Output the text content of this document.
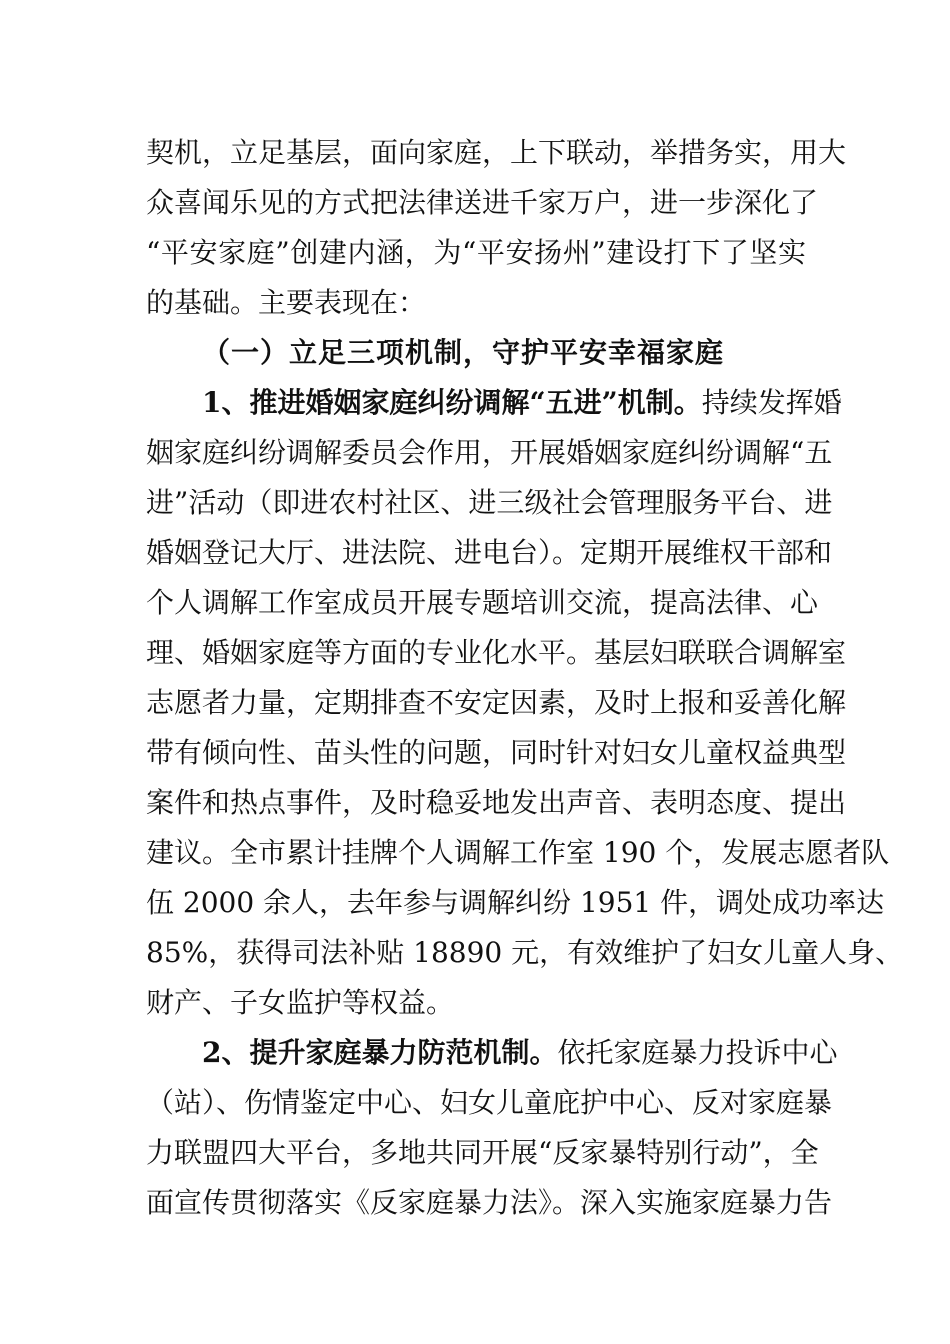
契机，立足基层，面向家庭，上下联动，举措务实，用大
众喜闻乐见的方式把法律送进千家万户，进一步深化了
“平安家庭”创建内涵，为“平安扬州”建设打下了坚实
的基础。主要表现在：
（一）立足三项机制，守护平安幸福家庭
1、推进婚姻家庭纠纷调解“五进”机制。持续发挥婚
姻家庭纠纷调解委员会作用，开展婚姻家庭纠纷调解“五
进”活动（即进农村社区、进三级社会管理服务平台、进
婚姻登记大厅、进法院、进电台）。定期开展维权干部和
个人调解工作室成员开展专题培训交流，提高法律、心
理、婚姻家庭等方面的专业化水平。基层妇联联合调解室
志愿者力量，定期排查不安定因素，及时上报和妥善化解
带有倾向性、苗头性的问题，同时针对妇女儿童权益典型
案件和热点事件，及时稳妥地发出声音、表明态度、提出
建议。全市累计挂牌个人调解工作室 190 个，发展志愿者队
伍 2000 余人，去年参与调解纠纷 1951 件，调处成功率达
85%，获得司法补贴 18890 元，有效维护了妇女儿童人身、
财产、子女监护等权益。
2、提升家庭暴力防范机制。依托家庭暴力投诉中心
（站）、伤情鉴定中心、妇女儿童庇护中心、反对家庭暴
力联盟四大平台，多地共同开展“反家暴特别行动”，全
面宣传贯彻落实《反家庭暴力法》。深入实施家庭暴力告
